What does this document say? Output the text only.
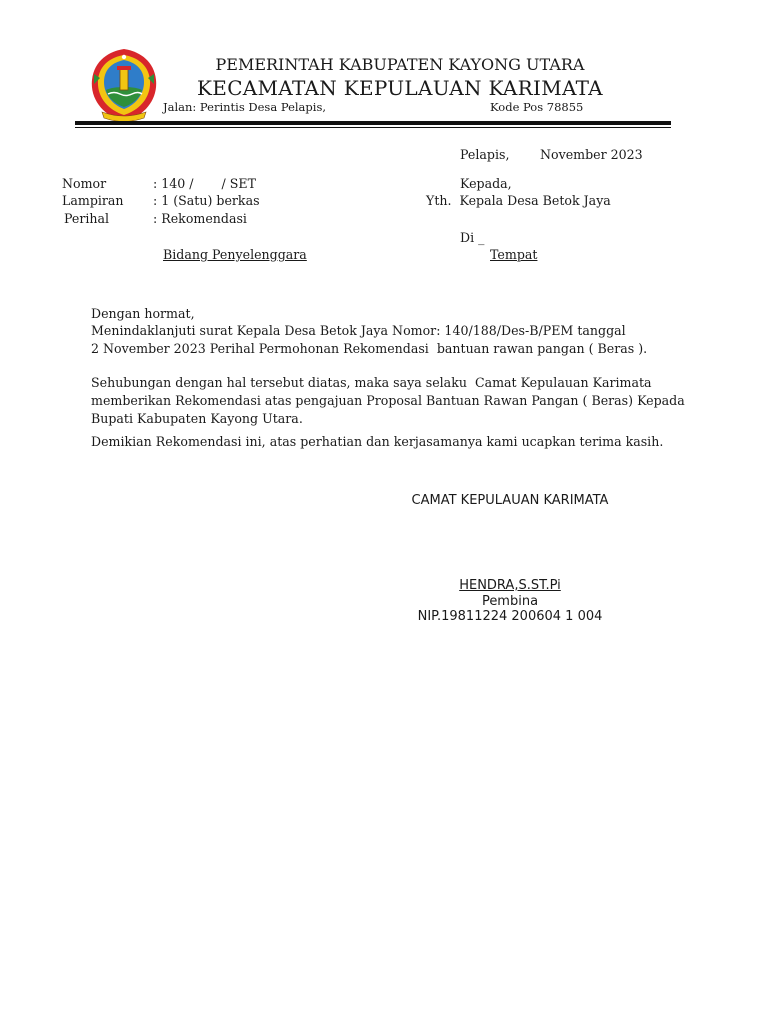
PEMERINTAH KABUPATEN KAYONG UTARA
KECAMATAN KEPULAUAN KARIMATA
Jalan: Perintis Desa Pelapis,	Kode Pos 78855
Pelapis, November 2023
Nomor	: 140 /       / SET
Lampiran : 1 (Satu) berkas
Perihal	: Rekomendasi
Bidang Penyelenggara
Kepada,
Yth.  Kepala Desa Betok Jaya
Di _
Tempat
Dengan hormat,
Menindaklanjuti surat Kepala Desa Betok Jaya Nomor: 140/188/Des-B/PEM tanggal
2 November 2023 Perihal Permohonan Rekomendasi  bantuan rawan pangan ( Beras ).
Sehubungan dengan hal tersebut diatas, maka saya selaku  Camat Kepulauan Karimata
memberikan Rekomendasi atas pengajuan Proposal Bantuan Rawan Pangan ( Beras) Kepada
Bupati Kabupaten Kayong Utara.
Demikian Rekomendasi ini, atas perhatian dan kerjasamanya kami ucapkan terima kasih.
CAMAT KEPULAUAN KARIMATA
HENDRA,S.ST.Pi
Pembina
NIP.19811224 200604 1 004
